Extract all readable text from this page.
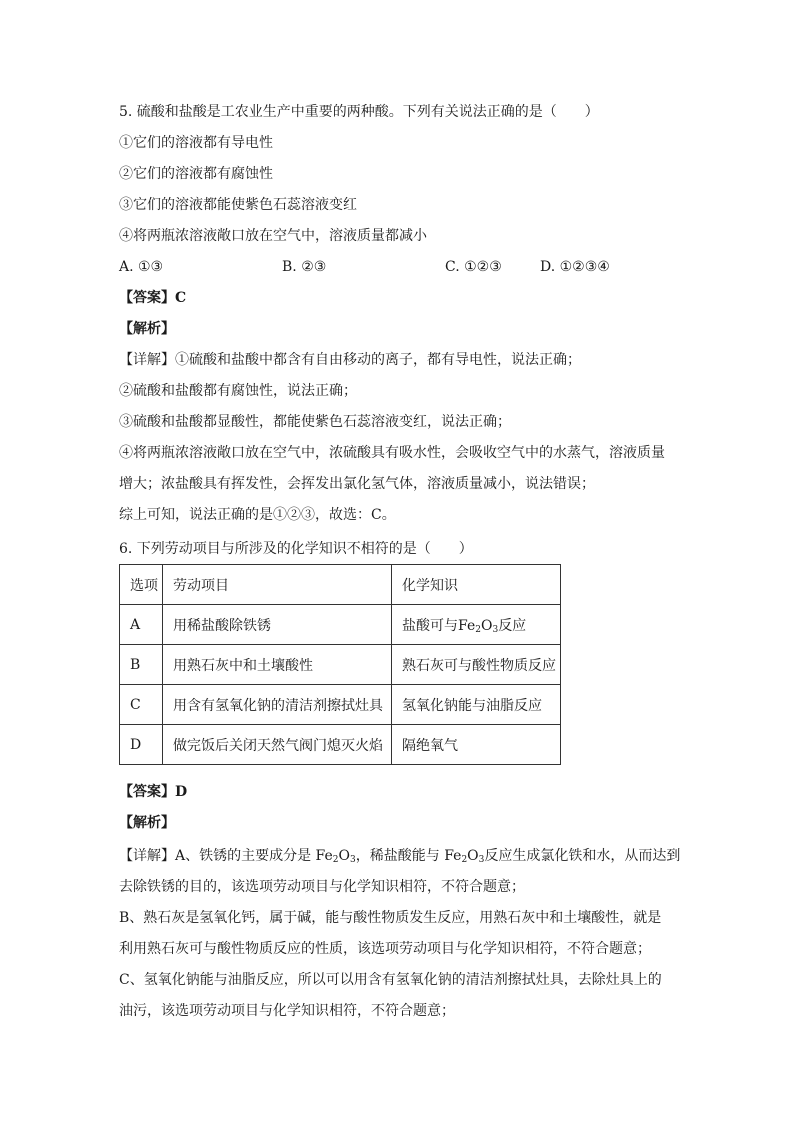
5. 硫酸和盐酸是工农业生产中重要的两种酸。下列有关说法正确的是（　　）
①它们的溶液都有导电性
②它们的溶液都有腐蚀性
③它们的溶液都能使紫色石蕊溶液变红
④将两瓶浓溶液敞口放在空气中，溶液质量都减小
A. ①③	B. ②③	C. ①②③	D. ①②③④
【答案】C
【解析】
【详解】①硫酸和盐酸中都含有自由移动的离子，都有导电性，说法正确；
②硫酸和盐酸都有腐蚀性，说法正确；
③硫酸和盐酸都显酸性，都能使紫色石蕊溶液变红，说法正确；
④将两瓶浓溶液敞口放在空气中，浓硫酸具有吸水性，会吸收空气中的水蒸气，溶液质量
增大；浓盐酸具有挥发性，会挥发出氯化氢气体，溶液质量减小，说法错误；
综上可知，说法正确的是①②③，故选：C。
6. 下列劳动项目与所涉及的化学知识不相符的是（　　）
选项	劳动项目	化学知识
A	用稀盐酸除铁锈	盐酸可与$Fe_2O_3$反应
B	用熟石灰中和土壤酸性	熟石灰可与酸性物质反应
C	用含有氢氧化钠的清洁剂擦拭灶具	氢氧化钠能与油脂反应
D	做完饭后关闭天然气阀门熄灭火焰	隔绝氧气
【答案】D
【解析】
【详解】A、铁锈的主要成分是 $Fe_2O_3$，稀盐酸能与 $Fe_2O_3$反应生成氯化铁和水，从而达到
去除铁锈的目的，该选项劳动项目与化学知识相符，不符合题意；
B、熟石灰是氢氧化钙，属于碱，能与酸性物质发生反应，用熟石灰中和土壤酸性，就是
利用熟石灰可与酸性物质反应的性质，该选项劳动项目与化学知识相符，不符合题意；
C、氢氧化钠能与油脂反应，所以可以用含有氢氧化钠的清洁剂擦拭灶具，去除灶具上的
油污，该选项劳动项目与化学知识相符，不符合题意；
